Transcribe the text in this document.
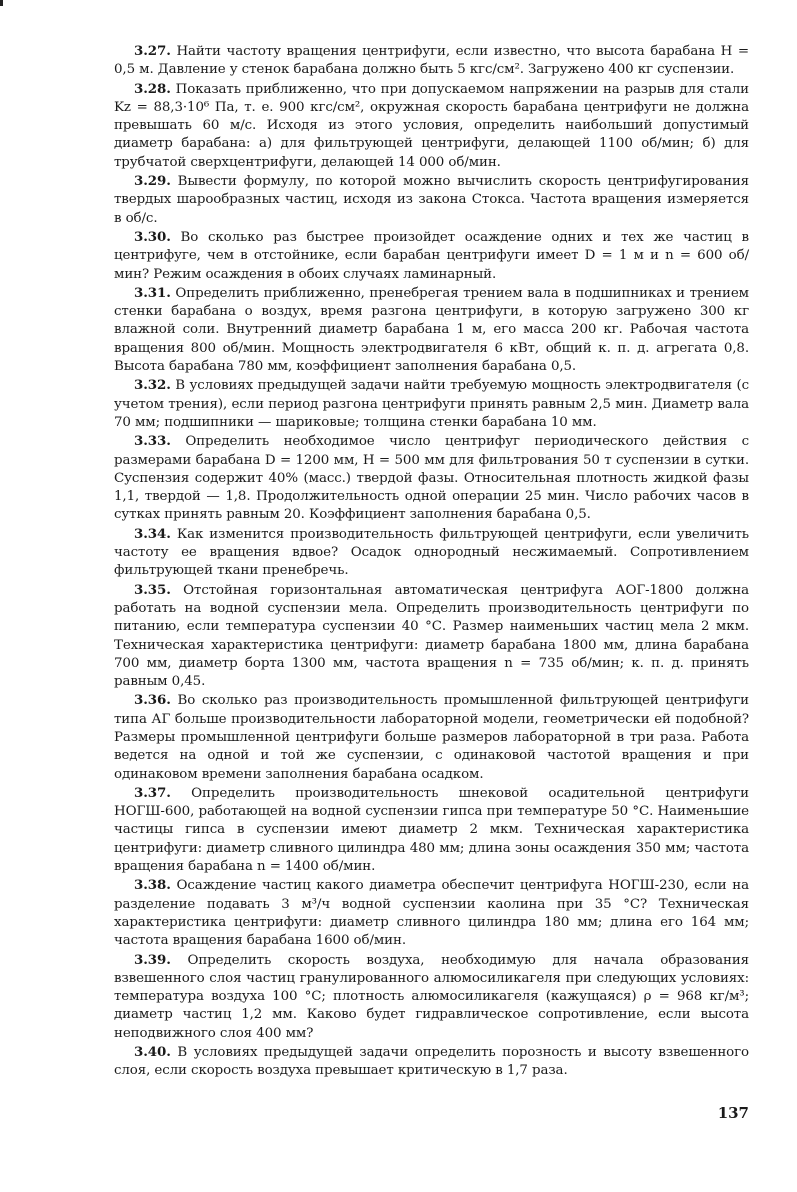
3.27. Найти частоту вращения центрифуги, если известно, что высота барабана H = 0,5 м. Давление у стенок барабана должно быть 5 кгс/см². Загружено 400 кг суспензии.

3.28. Показать приближенно, что при допускаемом напряжении на разрыв для стали Kz = 88,3·10⁶ Па, т. е. 900 кгс/см², окружная скорость барабана центрифуги не должна превышать 60 м/с. Исходя из этого условия, определить наибольший допустимый диаметр барабана: а) для фильтрующей центрифуги, делающей 1100 об/мин; б) для трубчатой сверхцентрифуги, делающей 14 000 об/мин.

3.29. Вывести формулу, по которой можно вычислить скорость центрифугирования твердых шарообразных частиц, исходя из закона Стокса. Частота вращения измеряется в об/с.

3.30. Во сколько раз быстрее произойдет осаждение одних и тех же частиц в центрифуге, чем в отстойнике, если барабан центрифуги имеет D = 1 м и n = 600 об/мин? Режим осаждения в обоих случаях ламинарный.

3.31. Определить приближенно, пренебрегая трением вала в подшипниках и трением стенки барабана о воздух, время разгона центрифуги, в которую загружено 300 кг влажной соли. Внутренний диаметр барабана 1 м, его масса 200 кг. Рабочая частота вращения 800 об/мин. Мощность электродвигателя 6 кВт, общий к. п. д. агрегата 0,8. Высота барабана 780 мм, коэффициент заполнения барабана 0,5.

3.32. В условиях предыдущей задачи найти требуемую мощность электродвигателя (с учетом трения), если период разгона центрифуги принять равным 2,5 мин. Диаметр вала 70 мм; подшипники — шариковые; толщина стенки барабана 10 мм.

3.33. Определить необходимое число центрифуг периодического действия с размерами барабана D = 1200 мм, H = 500 мм для фильтрования 50 т суспензии в сутки. Суспензия содержит 40% (масс.) твердой фазы. Относительная плотность жидкой фазы 1,1, твердой — 1,8. Продолжительность одной операции 25 мин. Число рабочих часов в сутках принять равным 20. Коэффициент заполнения барабана 0,5.

3.34. Как изменится производительность фильтрующей центрифуги, если увеличить частоту ее вращения вдвое? Осадок однородный несжимаемый. Сопротивлением фильтрующей ткани пренебречь.

3.35. Отстойная горизонтальная автоматическая центрифуга АОГ-1800 должна работать на водной суспензии мела. Определить производительность центрифуги по питанию, если температура суспензии 40 °С. Размер наименьших частиц мела 2 мкм. Техническая характеристика центрифуги: диаметр барабана 1800 мм, длина барабана 700 мм, диаметр борта 1300 мм, частота вращения n = 735 об/мин; к. п. д. принять равным 0,45.

3.36. Во сколько раз производительность промышленной фильтрующей центрифуги типа АГ больше производительности лабораторной модели, геометрически ей подобной? Размеры промышленной центрифуги больше размеров лабораторной в три раза. Работа ведется на одной и той же суспензии, с одинаковой частотой вращения и при одинаковом времени заполнения барабана осадком.

3.37. Определить производительность шнековой осадительной центрифуги НОГШ-600, работающей на водной суспензии гипса при температуре 50 °С. Наименьшие частицы гипса в суспензии имеют диаметр 2 мкм. Техническая характеристика центрифуги: диаметр сливного цилиндра 480 мм; длина зоны осаждения 350 мм; частота вращения барабана n = 1400 об/мин.

3.38. Осаждение частиц какого диаметра обеспечит центрифуга НОГШ-230, если на разделение подавать 3 м³/ч водной суспензии каолина при 35 °С? Техническая характеристика центрифуги: диаметр сливного цилиндра 180 мм; длина его 164 мм; частота вращения барабана 1600 об/мин.

3.39. Определить скорость воздуха, необходимую для начала образования взвешенного слоя частиц гранулированного алюмосиликагеля при следующих условиях: температура воздуха 100 °С; плотность алюмосиликагеля (кажущаяся) ρ = 968 кг/м³; диаметр частиц 1,2 мм. Каково будет гидравлическое сопротивление, если высота неподвижного слоя 400 мм?

3.40. В условиях предыдущей задачи определить порозность и высоту взвешенного слоя, если скорость воздуха превышает критическую в 1,7 раза.

137
